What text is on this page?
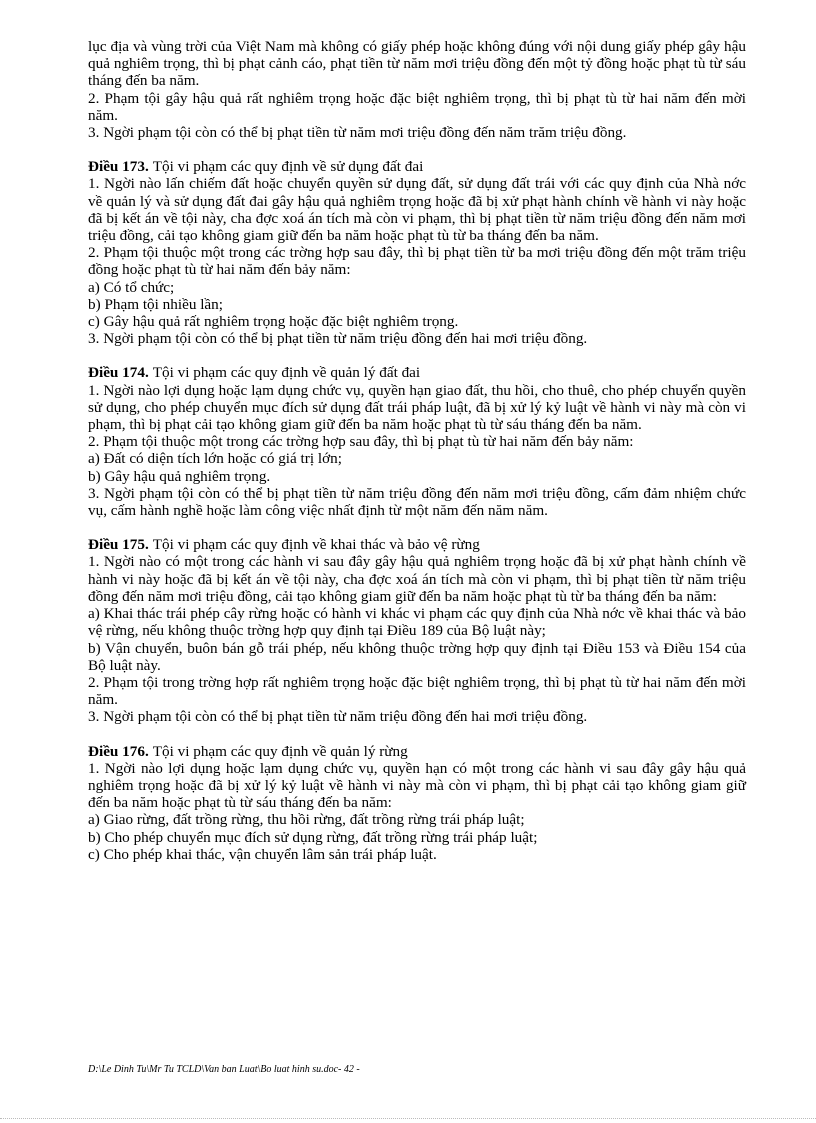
lục địa và vùng trời của Việt Nam mà không có giấy phép hoặc không đúng với nội dung giấy phép gây hậu quả nghiêm trọng, thì bị phạt cảnh cáo, phạt tiền từ năm mơi triệu đồng đến một tỷ đồng hoặc phạt tù từ sáu tháng đến ba năm.

2. Phạm tội gây hậu quả rất nghiêm trọng hoặc đặc biệt nghiêm trọng, thì bị phạt tù từ hai năm đến mời năm.

3. Ngời phạm tội còn có thể bị phạt tiền từ năm mơi triệu đồng đến năm trăm triệu đồng.

Điều 173. Tội vi phạm các quy định về sử dụng đất đai

1. Ngời nào lấn chiếm đất hoặc chuyển quyền sử dụng đất, sử dụng đất trái với các quy định của Nhà nớc về quản lý và sử dụng đất đai gây hậu quả nghiêm trọng hoặc đã bị xử phạt hành chính về hành vi này hoặc đã bị kết án về tội này, cha đợc xoá án tích mà còn vi phạm, thì bị phạt tiền từ năm triệu đồng đến năm mơi triệu đồng, cải tạo không giam giữ đến ba năm hoặc phạt tù từ ba tháng đến ba năm.

2. Phạm tội thuộc một trong các trờng hợp sau đây, thì bị phạt tiền từ ba mơi triệu đồng đến một trăm triệu đồng hoặc phạt tù từ hai năm đến bảy năm:

a) Có tổ chức;

b) Phạm tội nhiều lần;

c) Gây hậu quả rất nghiêm trọng hoặc đặc biệt nghiêm trọng.

3. Ngời phạm tội còn có thể bị phạt tiền từ năm triệu đồng đến hai mơi triệu đồng.

Điều 174. Tội vi phạm các quy định về quản lý đất đai

1. Ngời nào lợi dụng hoặc lạm dụng chức vụ, quyền hạn giao đất, thu hồi, cho thuê, cho phép chuyển quyền sử dụng, cho phép chuyển mục đích sử dụng đất trái pháp luật, đã bị xử lý kỷ luật về hành vi này mà còn vi phạm, thì bị phạt cải tạo không giam giữ đến ba năm hoặc phạt tù từ sáu tháng đến ba năm.

2. Phạm tội thuộc một trong các trờng hợp sau đây, thì bị phạt tù từ hai năm đến bảy năm:

a) Đất có diện tích lớn hoặc có giá trị lớn;

b) Gây hậu quả nghiêm trọng.

3. Ngời phạm tội còn có thể bị phạt tiền từ năm triệu đồng đến năm mơi triệu đồng, cấm đảm nhiệm chức vụ, cấm hành nghề hoặc làm công việc nhất định từ một năm đến năm năm.

Điều 175. Tội vi phạm các quy định về khai thác và bảo vệ rừng

1. Ngời nào có một trong các hành vi sau đây gây hậu quả nghiêm trọng hoặc đã bị xử phạt hành chính về hành vi này hoặc đã bị kết án về tội này, cha đợc xoá án tích mà còn vi phạm, thì bị phạt tiền từ năm triệu đồng đến năm mơi triệu đồng, cải tạo không giam giữ đến ba năm hoặc phạt tù từ ba tháng đến ba năm:

a) Khai thác trái phép cây rừng hoặc có hành vi khác vi phạm các quy định của Nhà nớc về khai thác và bảo vệ rừng, nếu không thuộc trờng hợp quy định tại Điều 189 của Bộ luật này;

b) Vận chuyển, buôn bán gỗ trái phép, nếu không thuộc trờng hợp quy định tại Điều 153 và Điều 154 của Bộ luật này.

2. Phạm tội trong trờng hợp rất nghiêm trọng hoặc đặc biệt nghiêm trọng, thì bị phạt tù từ hai năm đến mời năm.

3. Ngời phạm tội còn có thể bị phạt tiền từ năm triệu đồng đến hai mơi triệu đồng.

Điều 176. Tội vi phạm các quy định về quản lý rừng

1. Ngời nào lợi dụng hoặc lạm dụng chức vụ, quyền hạn có một trong các hành vi sau đây gây hậu quả nghiêm trọng hoặc đã bị xử lý kỷ luật về hành vi này mà còn vi phạm, thì bị phạt cải tạo không giam giữ đến ba năm hoặc phạt tù từ sáu tháng đến ba năm:

a) Giao rừng, đất trồng rừng, thu hồi rừng, đất trồng rừng trái pháp luật;

b) Cho phép chuyển mục đích sử dụng rừng, đất trồng rừng trái pháp luật;

c) Cho phép khai thác, vận chuyển lâm sản trái pháp luật.

D:\Le Dinh Tu\Mr Tu TCLD\Van ban Luat\Bo luat hinh su.doc- 42 -
